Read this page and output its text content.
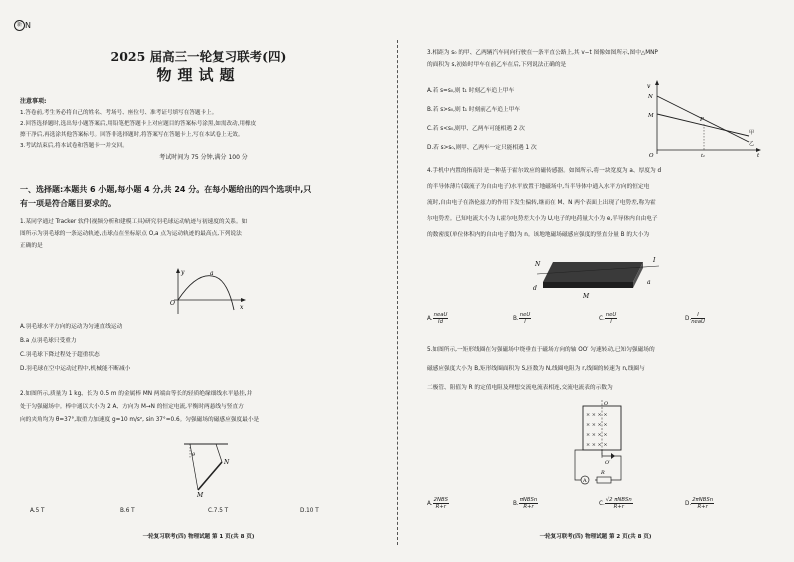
新 N
2025 届高三一轮复习联考(四)
物理试题
注意事项:
1.答卷前,考生务必将自己的姓名、考场号、座位号、准考证号填写在答题卡上。
2.回答选择题时,选出每小题答案后,用铅笔把答题卡上对应题目的答案标号涂黑,如需改动,用橡皮
擦干净后,再选涂其他答案标号。回答非选择题时,将答案写在答题卡上,写在本试卷上无效。
3.考试结束后,将本试卷和答题卡一并交回。
考试时间为 75 分钟,满分 100 分
一、选择题:本题共 6 小题,每小题 4 分,共 24 分。在每小题给出的四个选项中,只
有一项是符合题目要求的。
1.某同学通过 Tracker 软件(视频分析和建模工具)研究羽毛球运动轨迹与初速度的关系。如
图所示为羽毛球的一条运动轨迹,击球点在坐标原点 O,a 点为运动轨迹的最高点,下列说法
正确的是
y	a
O
x
A.羽毛球水平方向的运动为匀速直线运动
B.a 点羽毛球只受重力
C.羽毛球下降过程处于超重状态
D.羽毛球在空中运动过程中,机械能不断减小
2.如图所示,质量为 1 kg、长为 0.5 m 的金属棒 MN 两端由等长的轻质绝缘细线水平悬挂,并
处于匀强磁场中。棒中通以大小为 2 A、方向为 M→N 的恒定电流,平衡时两悬线与竖直方
向的夹角均为 θ=37°,取重力加速度 g=10 m/s², sin 37°=0.6。匀强磁场的磁感应强度最小是
θ
N
M
A.5 T	B.6 T	C.7.5 T	D.10 T
一轮复习联考(四) 物理试题 第 1 页(共 8 页)
3.相距为 s₀ 的甲、乙两辆汽车同向行驶在一条平直公路上,其 v−t 图像如图所示,图中△MNP
的面积为 s,初始时甲车在前乙车在后,下列说法正确的是
A.若 s=s₀,则 t₁ 时刻乙车追上甲车
B.若 s>s₀,则 t₁ 时刻前乙车追上甲车
C.若 s<s₀,则甲、乙两车可能相遇 2 次
D.若 s>s₀,则甲、乙两车一定只能相遇 1 次
v
N
M
P
O	t₁	t
甲
乙
4.手机中内置的指南针是一种基于霍尔效应的磁传感器。如图所示,将一块宽度为 a、厚度为 d
的半导体薄片(载流子为自由电子)水平放置于地磁场中,当半导体中通入水平方向的恒定电
流时,自由电子在洛伦兹力的作用下发生偏转,继而在 M、N 两个表面上出现了电势差,称为霍
尔电势差。已知电流大小为 I,霍尔电势差大小为 U,电子的电荷量大小为 e,半导体内自由电子
的数密度(单位体积内的自由电子数)为 n。该地地磁场磁感应强度的竖直分量 B 的大小为
N
a
d
M
I
A. $\frac{\text{neaU}}{Id}$	B. $\frac{\text{neU}}{I}$	C. $\frac{\text{neU}}{I}$	D. $\frac{I}{\text{neaU}}$
5.如图所示,一矩形线圈在匀强磁场中绕垂直于磁场方向的轴 OO′ 匀速转动,已知匀强磁场的
磁感应强度大小为 B,矩形线圈面积为 S,匝数为 N,线圈电阻为 r,线圈的转速为 n,线圈与
二极管、阻值为 R 的定值电阻及理想交流电流表相连,交流电流表的示数为
× × × ×
× × × ×
× × × ×
× × × ×
O
O′
A
R
A. $\frac{\text{2NBS}}{R+r}$	B. $\frac{\text{πNBSn}}{R+r}$	C. $\frac{\text{√2 πNBSn}}{R+r}$	D. $\frac{\text{2πNBSn}}{R+r}$
一轮复习联考(四) 物理试题 第 2 页(共 8 页)
